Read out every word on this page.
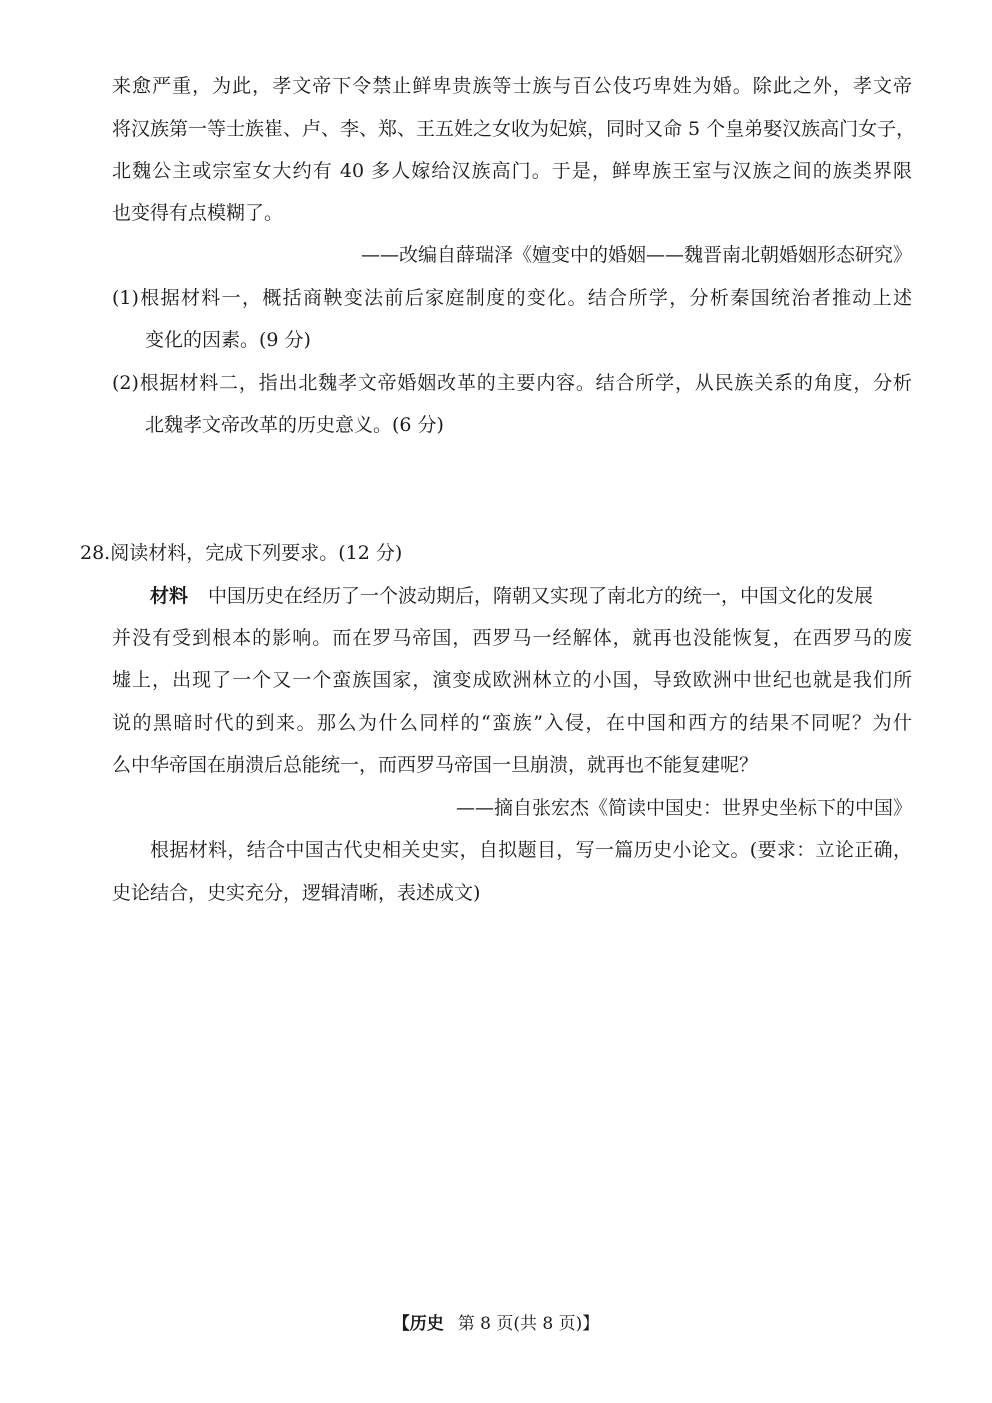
来愈严重，为此，孝文帝下令禁止鲜卑贵族等士族与百公伎巧卑姓为婚。除此之外，孝文帝
将汉族第一等士族崔、卢、李、郑、王五姓之女收为妃嫔，同时又命 5 个皇弟娶汉族高门女子，
北魏公主或宗室女大约有 40 多人嫁给汉族高门。于是，鲜卑族王室与汉族之间的族类界限
也变得有点模糊了。
——改编自薛瑞泽《嬗变中的婚姻——魏晋南北朝婚姻形态研究》
(1)根据材料一，概括商鞅变法前后家庭制度的变化。结合所学，分析秦国统治者推动上述
变化的因素。(9 分)
(2)根据材料二，指出北魏孝文帝婚姻改革的主要内容。结合所学，从民族关系的角度，分析
北魏孝文帝改革的历史意义。(6 分)
28.阅读材料，完成下列要求。(12 分)
材料 中国历史在经历了一个波动期后，隋朝又实现了南北方的统一，中国文化的发展
并没有受到根本的影响。而在罗马帝国，西罗马一经解体，就再也没能恢复，在西罗马的废
墟上，出现了一个又一个蛮族国家，演变成欧洲林立的小国，导致欧洲中世纪也就是我们所
说的黑暗时代的到来。那么为什么同样的“蛮族”入侵，在中国和西方的结果不同呢？为什
么中华帝国在崩溃后总能统一，而西罗马帝国一旦崩溃，就再也不能复建呢？
——摘自张宏杰《简读中国史：世界史坐标下的中国》
根据材料，结合中国古代史相关史实，自拟题目，写一篇历史小论文。(要求：立论正确，
史论结合，史实充分，逻辑清晰，表述成文)
【历史 第 8 页(共 8 页)】
